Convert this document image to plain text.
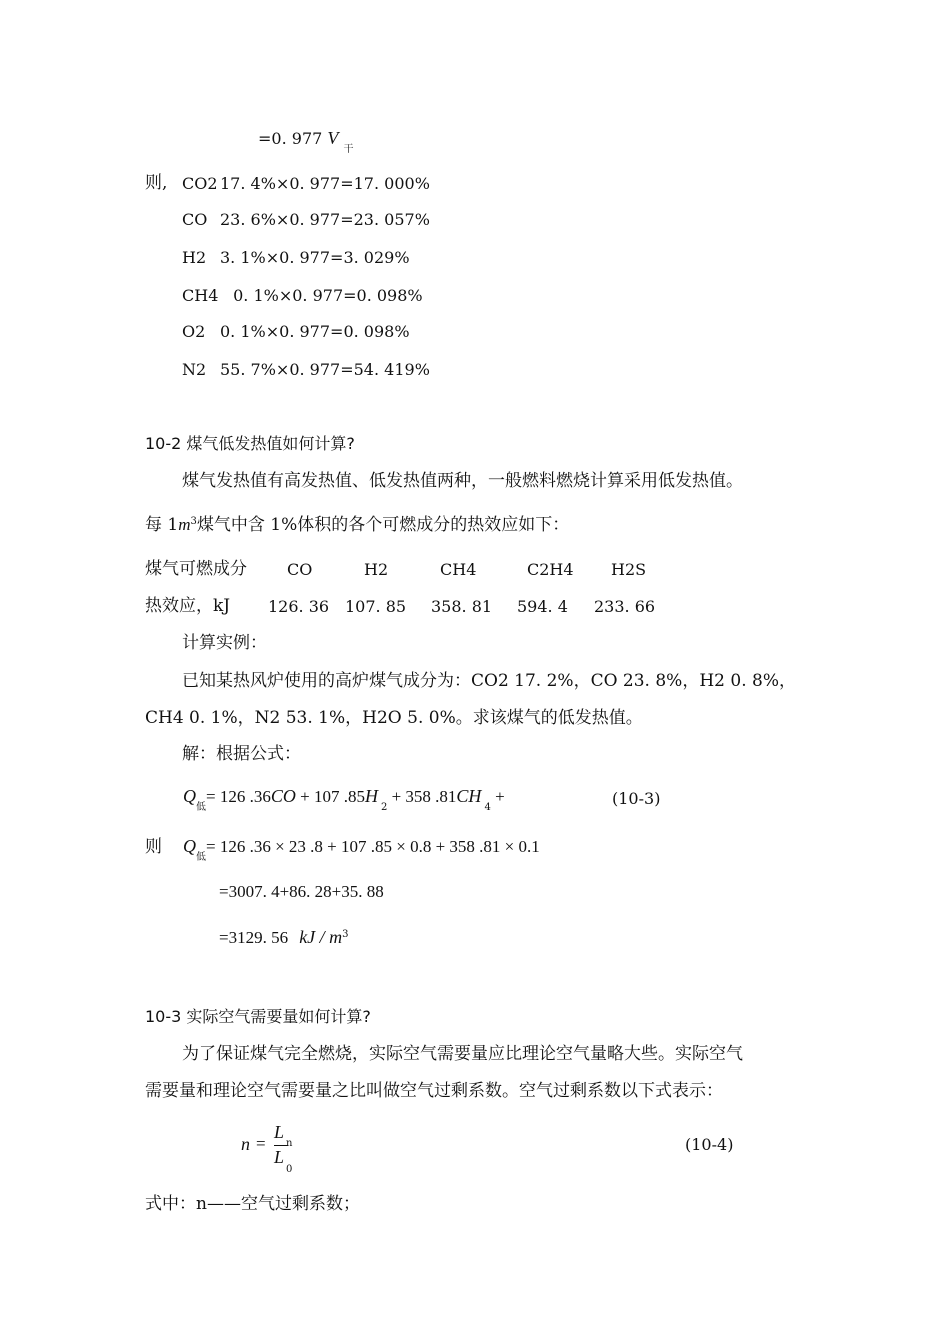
=0. 977 V $_干$
则, CO2 17. 4%×0. 977=17. 000%
CO 23. 6%×0. 977=23. 057%
H2 3. 1%×0. 977=3. 029%
CH4 0. 1%×0. 977=0. 098%
O2 0. 1%×0. 977=0. 098%
N2 55. 7%×0. 977=54. 419%
10-2 煤气低发热值如何计算?
煤气发热值有高发热值、低发热值两种，一般燃料燃烧计算采用低发热值。
每 $1m^3$煤气中含 1%体积的各个可燃成分的热效应如下：
煤气可燃成分	CO	H2	CH4	C2H4 H2S
热效应，kJ 126. 36 107. 85 358. 81 594. 4 233. 66
计算实例：
已知某热风炉使用的高炉煤气成分为：CO2 17. 2%，CO 23. 8%，H2 0. 8%，
CH4 0. 1%，N2 53. 1%，H2O 5. 0%。求该煤气的低发热值。
解：根据公式：
$Q_低= 126$ .36CO + 107 $.85H_2 + 358$ $.81CH_4$ +	(10-3)
则 $Q_低= 126$ .36 × 23 .8 + 107 .85 × 0.8 + 358 .81 × 0.1
=3007. 4+86. 28+35. 88
=3129. 56 kJ / $m^3$
10-3 实际空气需要量如何计算?
为了保证煤气完全燃烧，实际空气需要量应比理论空气量略大些。实际空气
需要量和理论空气需要量之比叫做空气过剩系数。空气过剩系数以下式表示：
n =
L
n
L
0
(10-4)
式中：n——空气过剩系数；
